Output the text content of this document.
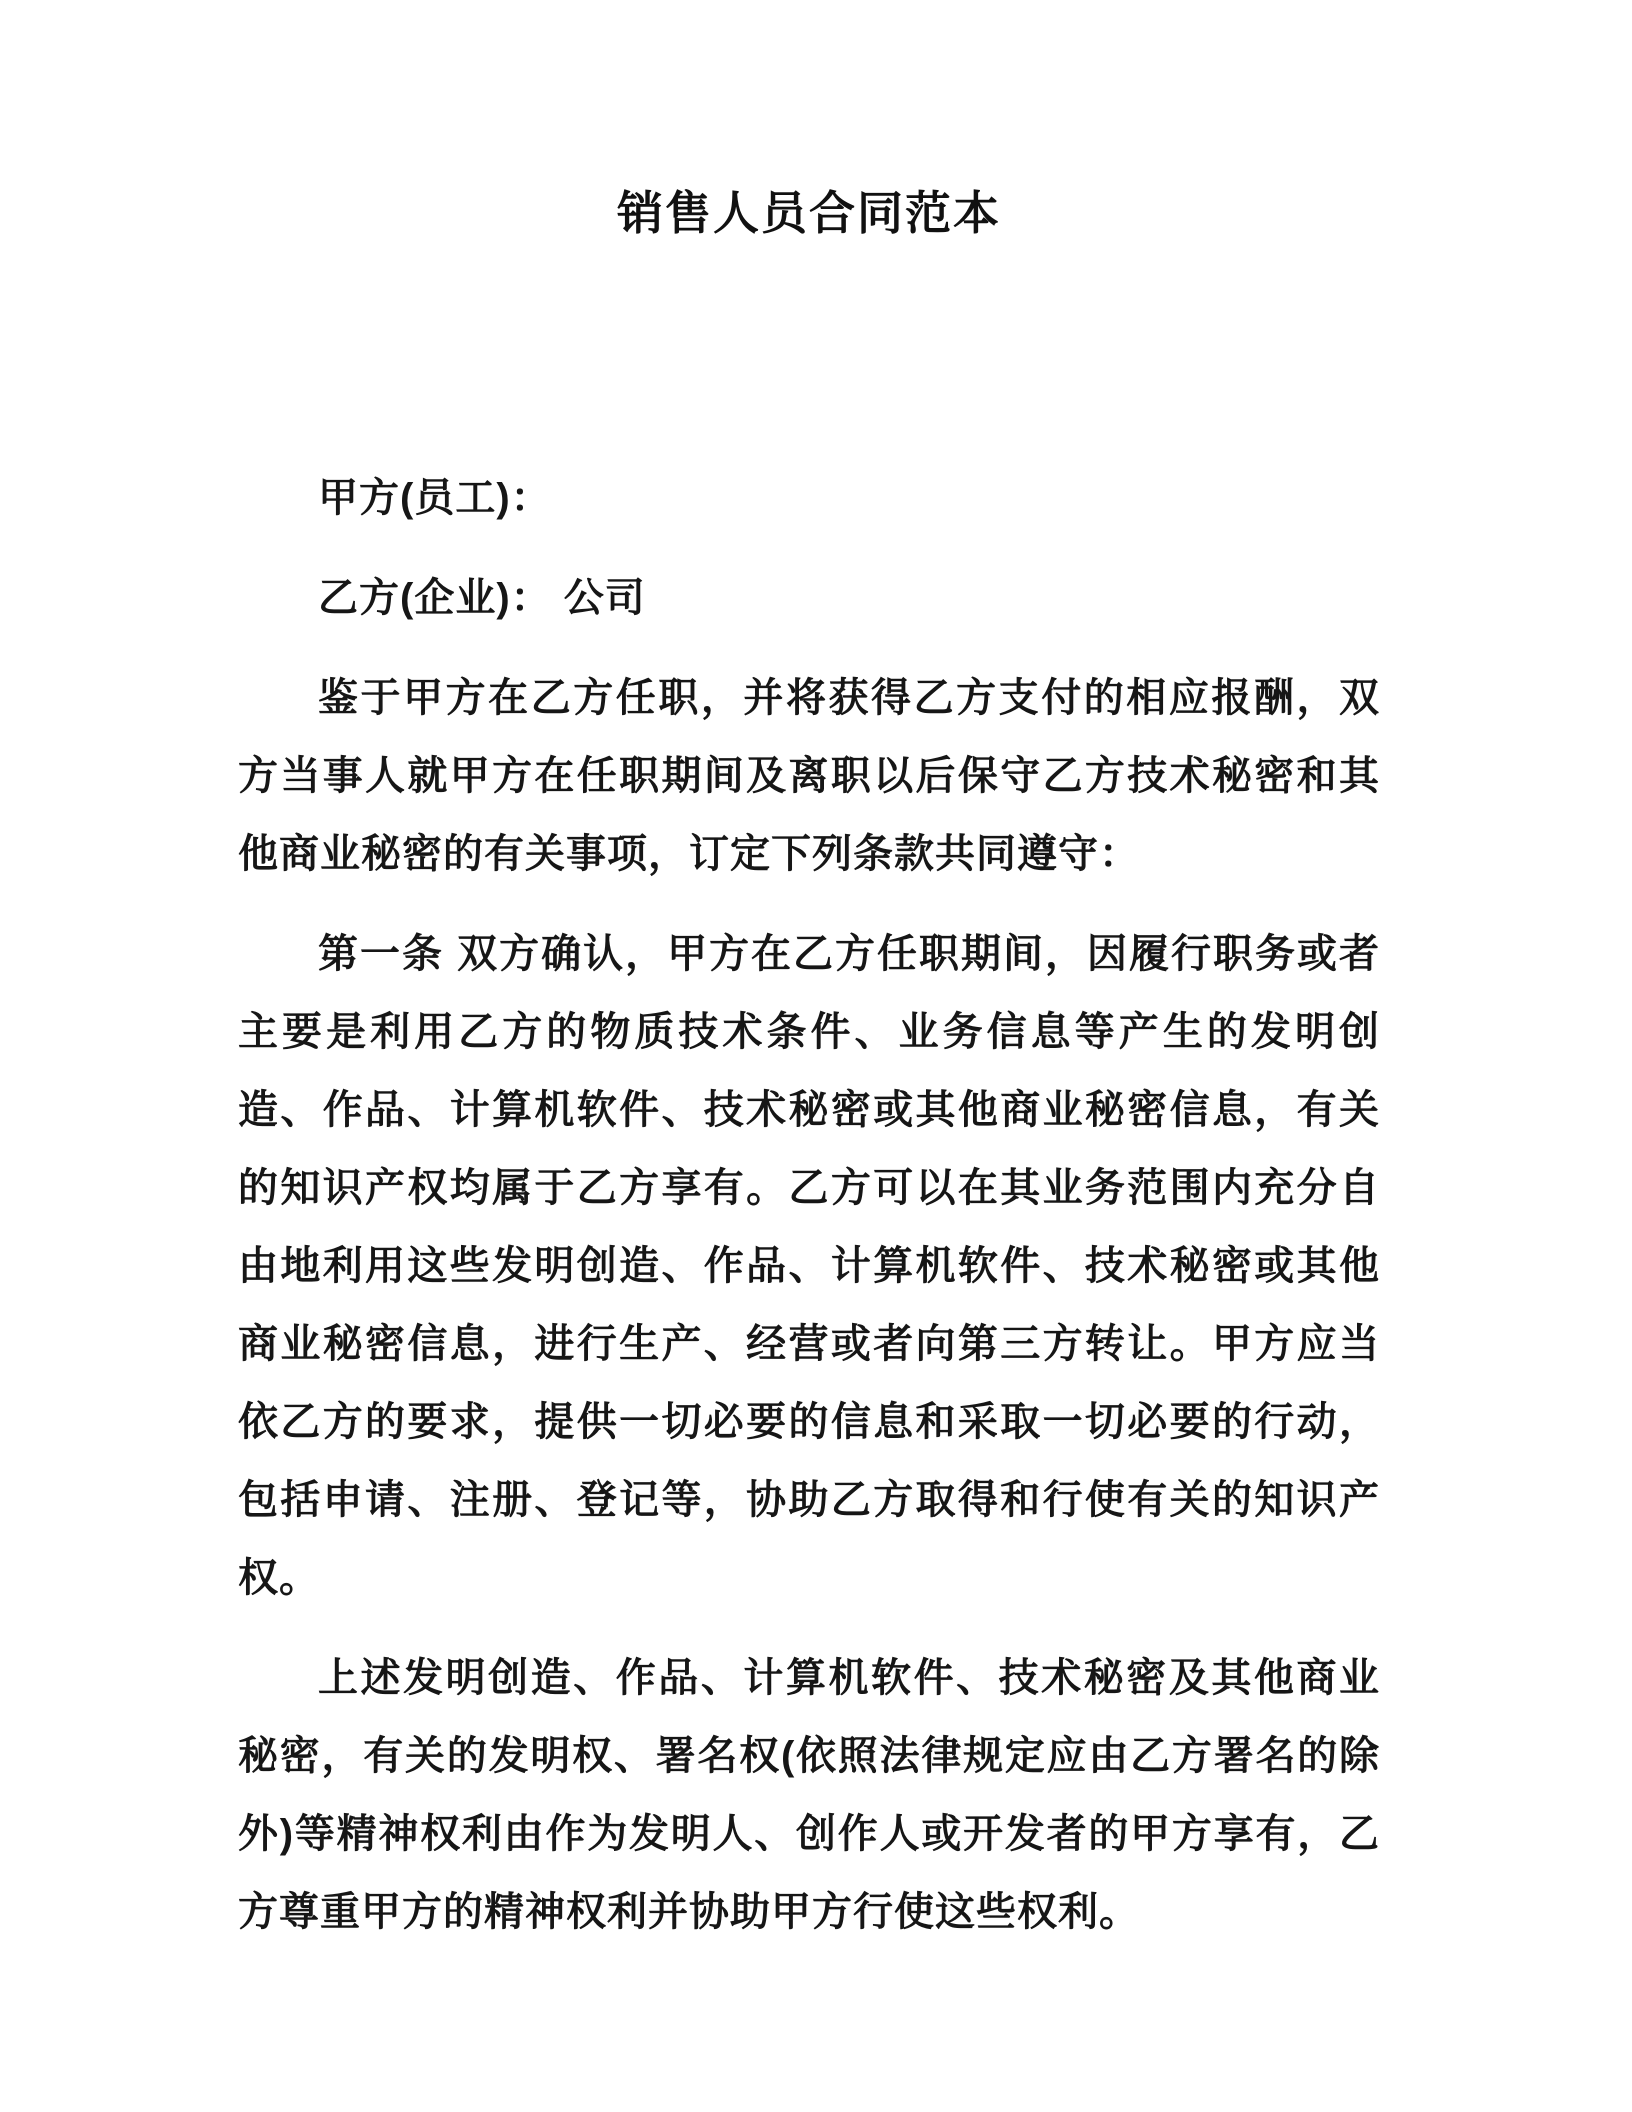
销售人员合同范本

甲方(员工)：

乙方(企业)： 公司

鉴于甲方在乙方任职，并将获得乙方支付的相应报酬，双方当事人就甲方在任职期间及离职以后保守乙方技术秘密和其他商业秘密的有关事项，订定下列条款共同遵守：

第一条 双方确认，甲方在乙方任职期间，因履行职务或者主要是利用乙方的物质技术条件、业务信息等产生的发明创造、作品、计算机软件、技术秘密或其他商业秘密信息，有关的知识产权均属于乙方享有。乙方可以在其业务范围内充分自由地利用这些发明创造、作品、计算机软件、技术秘密或其他商业秘密信息，进行生产、经营或者向第三方转让。甲方应当依乙方的要求，提供一切必要的信息和采取一切必要的行动，包括申请、注册、登记等，协助乙方取得和行使有关的知识产权。

上述发明创造、作品、计算机软件、技术秘密及其他商业秘密，有关的发明权、署名权(依照法律规定应由乙方署名的除外)等精神权利由作为发明人、创作人或开发者的甲方享有，乙方尊重甲方的精神权利并协助甲方行使这些权利。
